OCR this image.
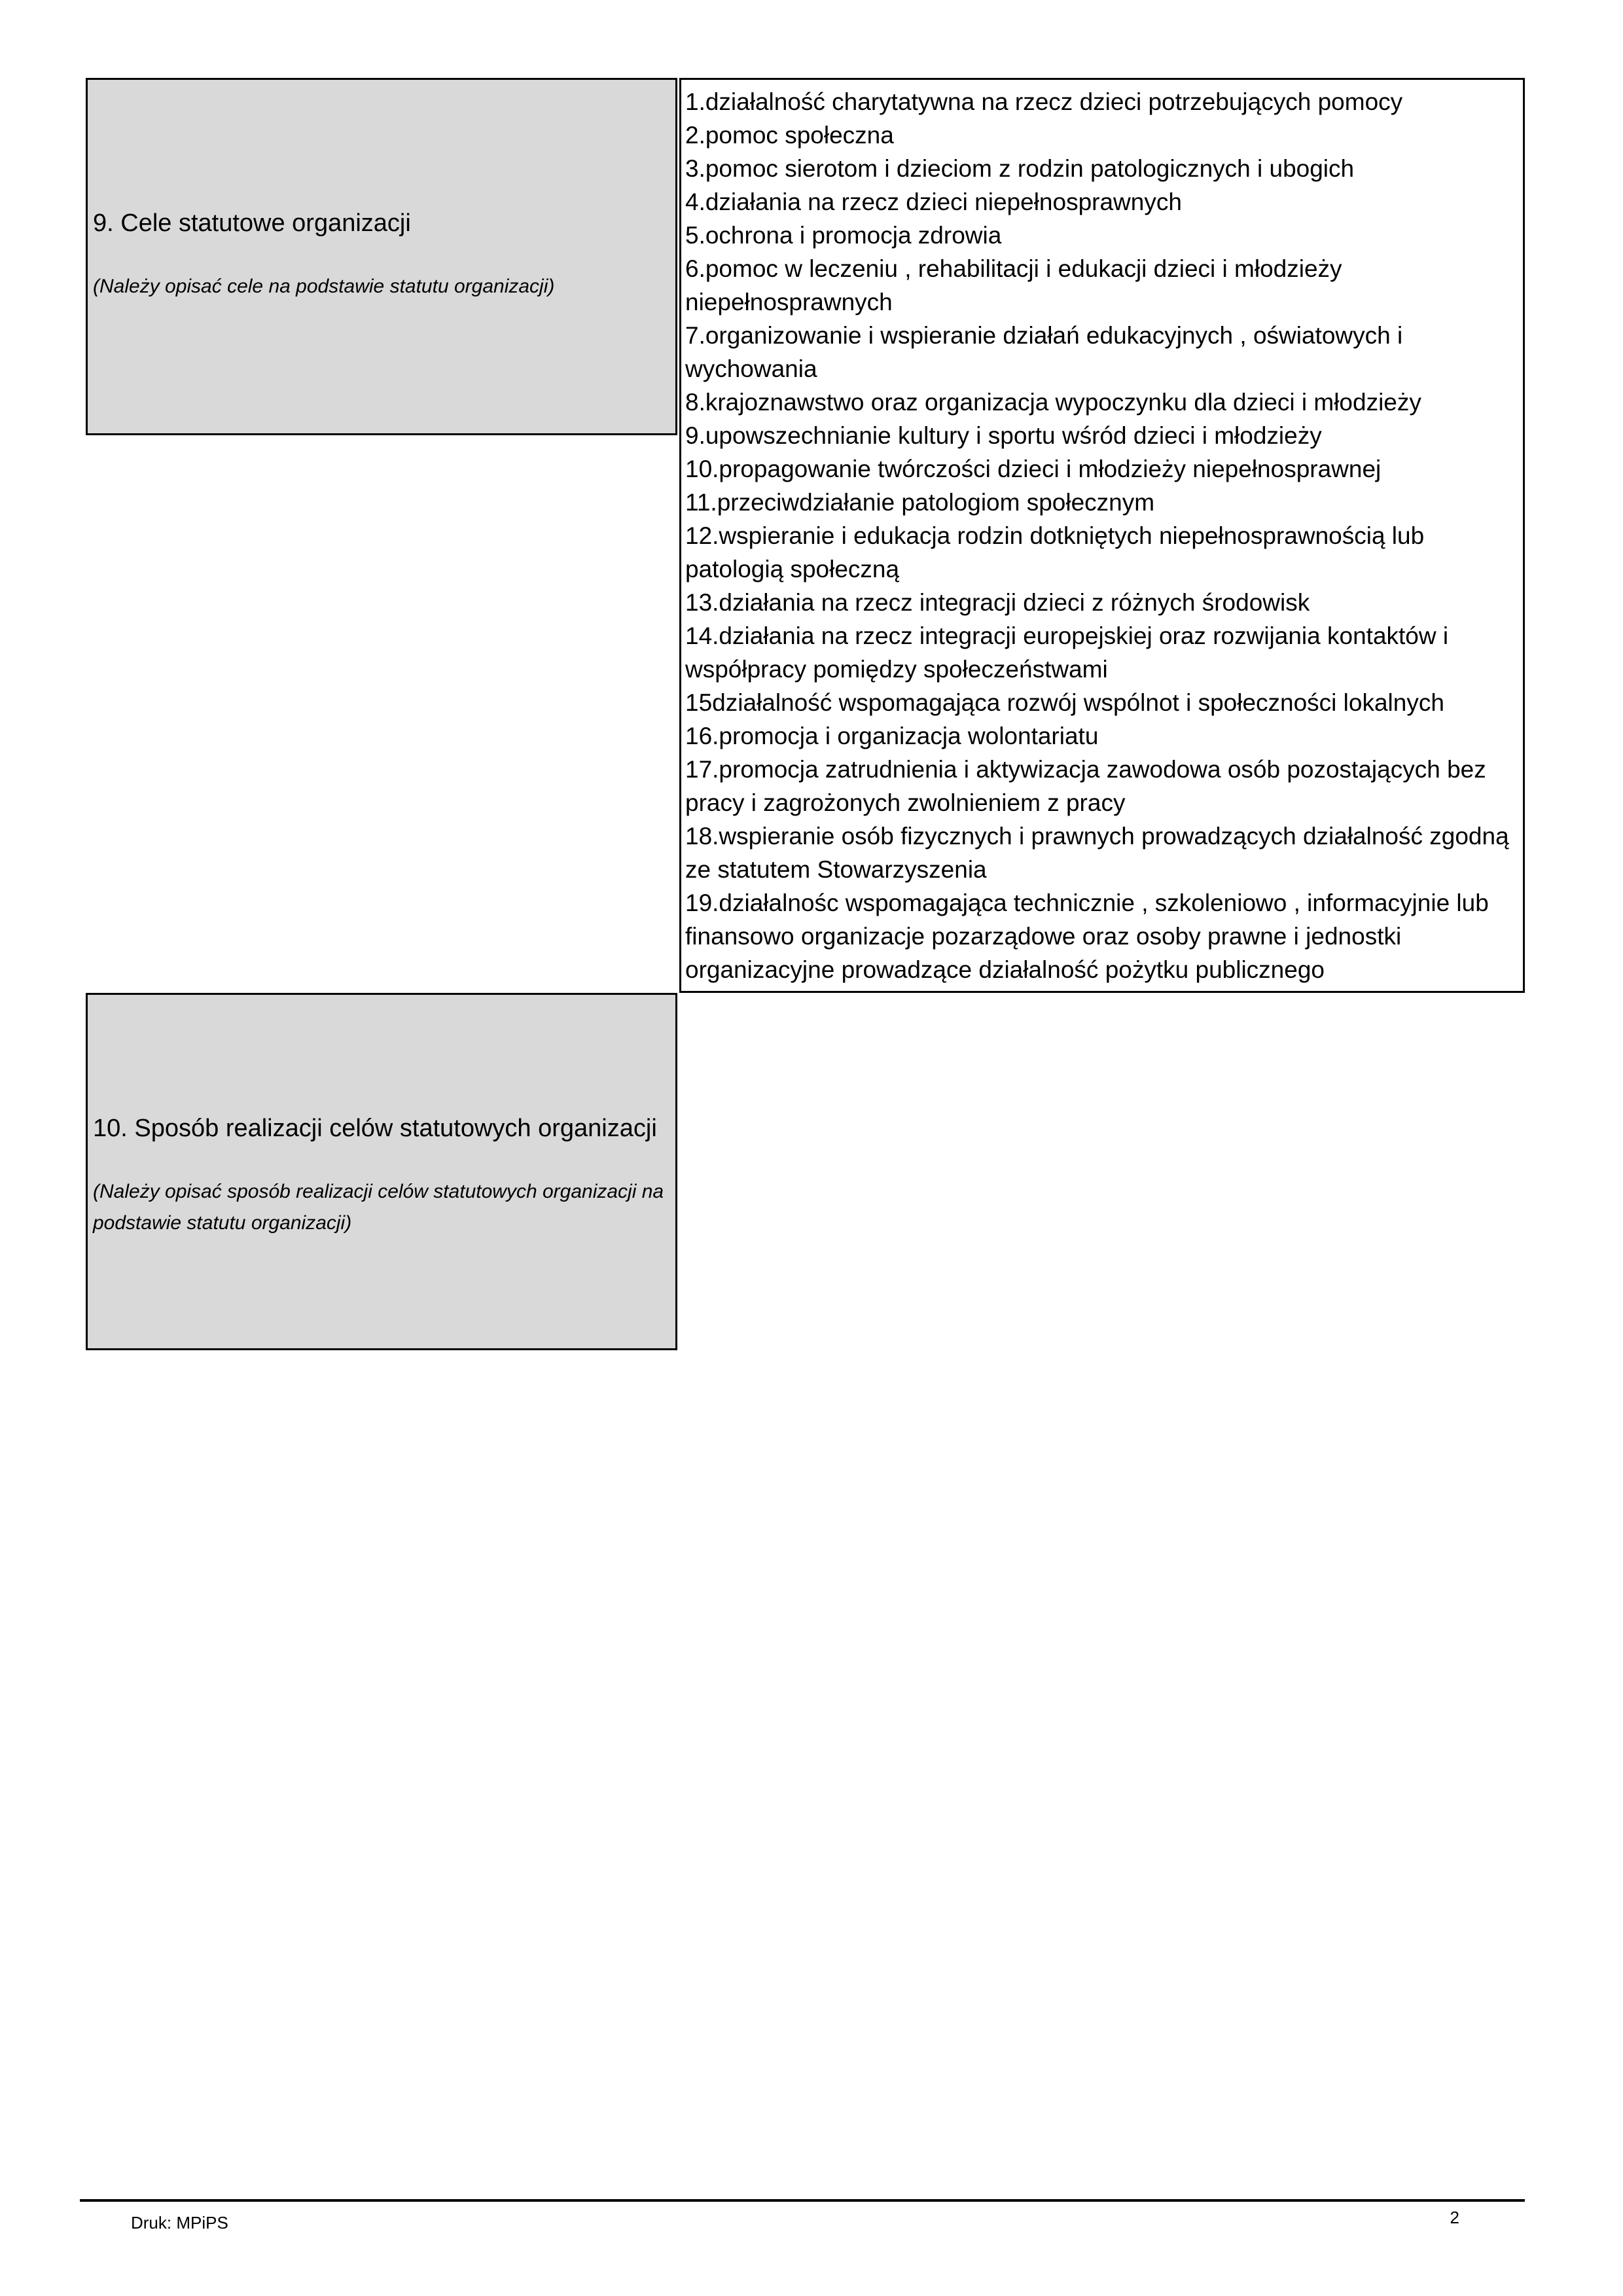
9. Cele statutowe organizacji
(Należy opisać cele na podstawie statutu organizacji)
1.działalność charytatywna na rzecz dzieci potrzebujących pomocy
2.pomoc społeczna
3.pomoc sierotom i dzieciom z rodzin patologicznych i ubogich
4.działania na rzecz dzieci niepełnosprawnych
5.ochrona i promocja zdrowia
6.pomoc w leczeniu , rehabilitacji i edukacji dzieci i młodzieży niepełnosprawnych
7.organizowanie i wspieranie działań edukacyjnych , oświatowych i wychowania
8.krajoznawstwo oraz organizacja wypoczynku dla dzieci i młodzieży
9.upowszechnianie kultury i sportu wśród dzieci i młodzieży
10.propagowanie twórczości dzieci i młodzieży niepełnosprawnej
11.przeciwdziałanie patologiom społecznym
12.wspieranie i edukacja rodzin dotkniętych niepełnosprawnością lub patologią społeczną
13.działania na rzecz integracji dzieci z różnych środowisk
14.działania na rzecz integracji europejskiej oraz rozwijania kontaktów i współpracy pomiędzy społeczeństwami
15działalność wspomagająca rozwój wspólnot i społeczności lokalnych
16.promocja i organizacja wolontariatu
17.promocja zatrudnienia i aktywizacja zawodowa osób pozostających bez pracy i zagrożonych zwolnieniem z pracy
18.wspieranie osób fizycznych i prawnych prowadzących działalność zgodną ze statutem Stowarzyszenia
19.działalnośc wspomagająca technicznie , szkoleniowo , informacyjnie lub finansowo organizacje pozarządowe oraz osoby prawne i jednostki organizacyjne prowadzące działalność pożytku publicznego
10. Sposób realizacji celów statutowych organizacji
(Należy opisać sposób realizacji celów statutowych organizacji na podstawie statutu organizacji)
Druk: MPiPS	2
